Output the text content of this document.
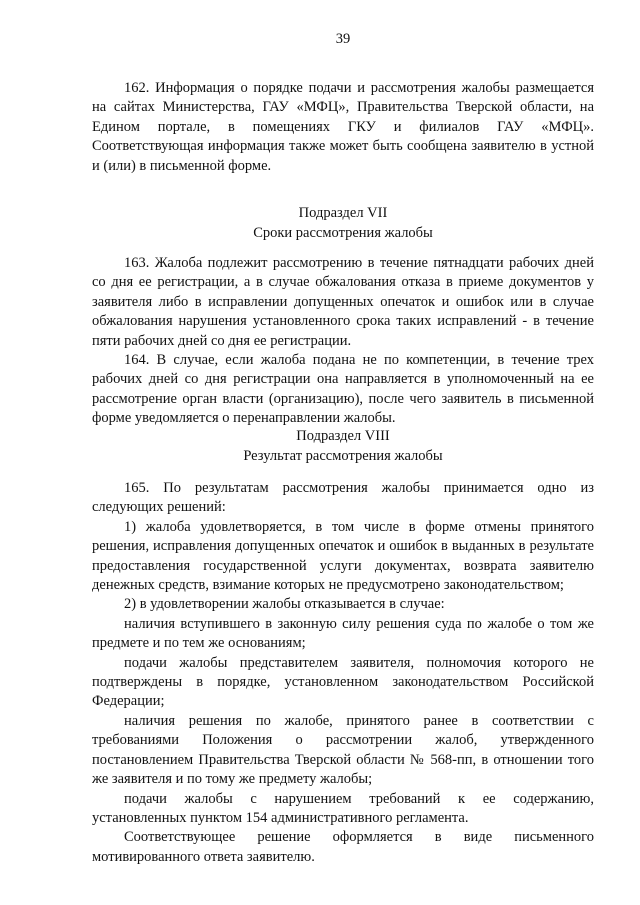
39

162. Информация о порядке подачи и рассмотрения жалобы размещается на сайтах Министерства, ГАУ «МФЦ», Правительства Тверской области, на Едином портале, в помещениях ГКУ и филиалов ГАУ «МФЦ». Соответствующая информация также может быть сообщена заявителю в устной и (или) в письменной форме.

Подраздел VII
Сроки рассмотрения жалобы

163. Жалоба подлежит рассмотрению в течение пятнадцати рабочих дней со дня ее регистрации, а в случае обжалования отказа в приеме документов у заявителя либо в исправлении допущенных опечаток и ошибок или в случае обжалования нарушения установленного срока таких исправлений - в течение пяти рабочих дней со дня ее регистрации.

164. В случае, если жалоба подана не по компетенции, в течение трех рабочих дней со дня регистрации она направляется в уполномоченный на ее рассмотрение орган власти (организацию), после чего заявитель в письменной форме уведомляется о перенаправлении жалобы.

Подраздел VIII
Результат рассмотрения жалобы

165. По результатам рассмотрения жалобы принимается одно из следующих решений:

1) жалоба удовлетворяется, в том числе в форме отмены принятого решения, исправления допущенных опечаток и ошибок в выданных в результате предоставления государственной услуги документах, возврата заявителю денежных средств, взимание которых не предусмотрено законодательством;

2) в удовлетворении жалобы отказывается в случае:

наличия вступившего в законную силу решения суда по жалобе о том же предмете и по тем же основаниям;

подачи жалобы представителем заявителя, полномочия которого не подтверждены в порядке, установленном законодательством Российской Федерации;

наличия решения по жалобе, принятого ранее в соответствии с требованиями Положения о рассмотрении жалоб, утвержденного постановлением Правительства Тверской области № 568-пп, в отношении того же заявителя и по тому же предмету жалобы;

подачи жалобы с нарушением требований к ее содержанию, установленных пунктом 154 административного регламента.

Соответствующее решение оформляется в виде письменного мотивированного ответа заявителю.
